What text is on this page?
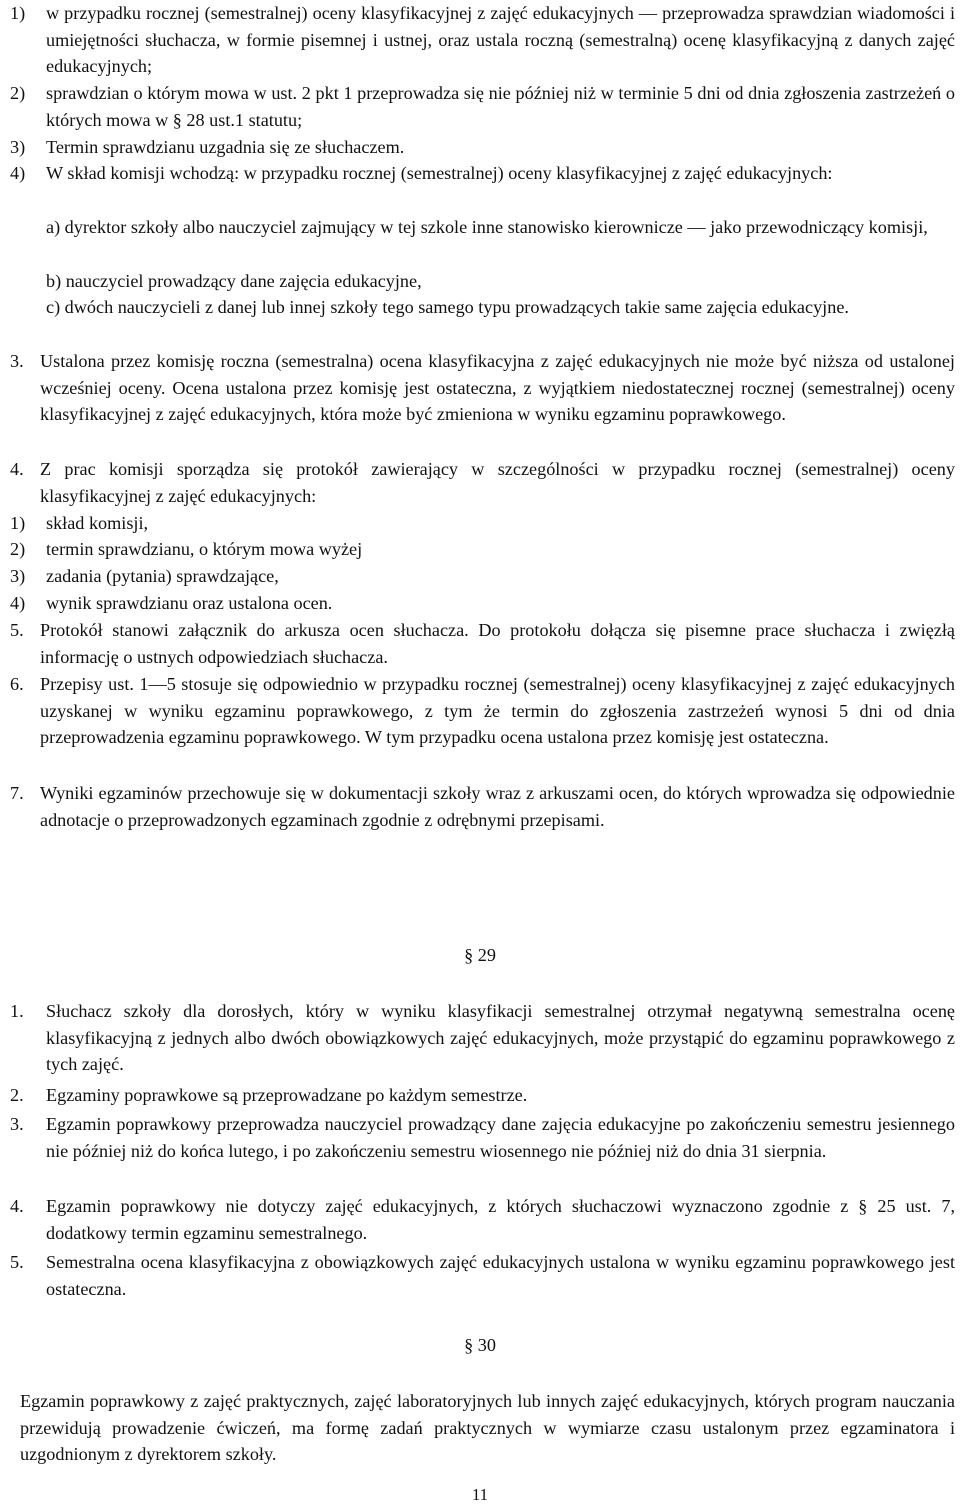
1)	w przypadku rocznej (semestralnej) oceny klasyfikacyjnej z zajęć edukacyjnych ― przeprowadza sprawdzian wiadomości i umiejętności słuchacza, w formie pisemnej i ustnej, oraz ustala roczną (semestralną) ocenę klasyfikacyjną z danych zajęć edukacyjnych;
2)	sprawdzian o którym mowa w ust. 2 pkt 1 przeprowadza się nie później niż w terminie 5 dni od dnia zgłoszenia zastrzeżeń o których mowa w § 28 ust.1 statutu;
3)	Termin sprawdzianu uzgadnia się ze słuchaczem.
4)	W skład komisji wchodzą: w przypadku rocznej (semestralnej) oceny klasyfikacyjnej z zajęć edukacyjnych:
a) dyrektor szkoły albo nauczyciel zajmujący w tej szkole inne stanowisko kierownicze ― jako przewodniczący komisji,
b) nauczyciel prowadzący dane zajęcia edukacyjne,
c) dwóch nauczycieli z danej lub innej szkoły tego samego typu prowadzących takie same zajęcia edukacyjne.
3. Ustalona przez komisję roczna (semestralna) ocena klasyfikacyjna z zajęć edukacyjnych nie może być niższa od ustalonej wcześniej oceny. Ocena ustalona przez komisję jest ostateczna, z wyjątkiem niedostatecznej rocznej (semestralnej) oceny klasyfikacyjnej z zajęć edukacyjnych, która może być zmieniona w wyniku egzaminu poprawkowego.
4. Z prac komisji sporządza się protokół zawierający w szczególności w przypadku rocznej (semestralnej) oceny klasyfikacyjnej z zajęć edukacyjnych:
1)	skład komisji,
2)	termin sprawdzianu, o którym mowa wyżej
3)	zadania (pytania) sprawdzające,
4)	wynik sprawdzianu oraz ustalona ocen.
5. Protokół stanowi załącznik do arkusza ocen słuchacza. Do protokołu dołącza się pisemne prace słuchacza i zwięzłą informację o ustnych odpowiedziach słuchacza.
6. Przepisy ust. 1―5 stosuje się odpowiednio w przypadku rocznej (semestralnej) oceny klasyfikacyjnej z zajęć edukacyjnych uzyskanej w wyniku egzaminu poprawkowego, z tym że termin do zgłoszenia zastrzeżeń wynosi 5 dni od dnia przeprowadzenia egzaminu poprawkowego. W tym przypadku ocena ustalona przez komisję jest ostateczna.
7. Wyniki egzaminów przechowuje się w dokumentacji szkoły wraz z arkuszami ocen, do których wprowadza się odpowiednie adnotacje o przeprowadzonych egzaminach zgodnie z odrębnymi przepisami.
§ 29
1.	Słuchacz szkoły dla dorosłych, który w wyniku klasyfikacji semestralnej otrzymał negatywną semestralna ocenę klasyfikacyjną z jednych albo dwóch obowiązkowych zajęć edukacyjnych, może przystąpić do egzaminu poprawkowego z tych zajęć.
2.	Egzaminy poprawkowe są przeprowadzane po każdym semestrze.
3.	Egzamin poprawkowy przeprowadza nauczyciel prowadzący dane zajęcia edukacyjne po zakończeniu semestru jesiennego nie później niż do końca lutego, i po zakończeniu semestru wiosennego nie później niż do dnia 31 sierpnia.
4.	Egzamin poprawkowy nie dotyczy zajęć edukacyjnych, z których słuchaczowi wyznaczono zgodnie z § 25 ust. 7, dodatkowy termin egzaminu semestralnego.
5.	Semestralna ocena klasyfikacyjna z obowiązkowych zajęć edukacyjnych ustalona w wyniku egzaminu poprawkowego jest ostateczna.
§ 30
Egzamin poprawkowy z zajęć praktycznych, zajęć laboratoryjnych lub innych zajęć edukacyjnych, których program nauczania przewidują prowadzenie ćwiczeń, ma formę zadań praktycznych w wymiarze czasu ustalonym przez egzaminatora i uzgodnionym z dyrektorem szkoły.
11
